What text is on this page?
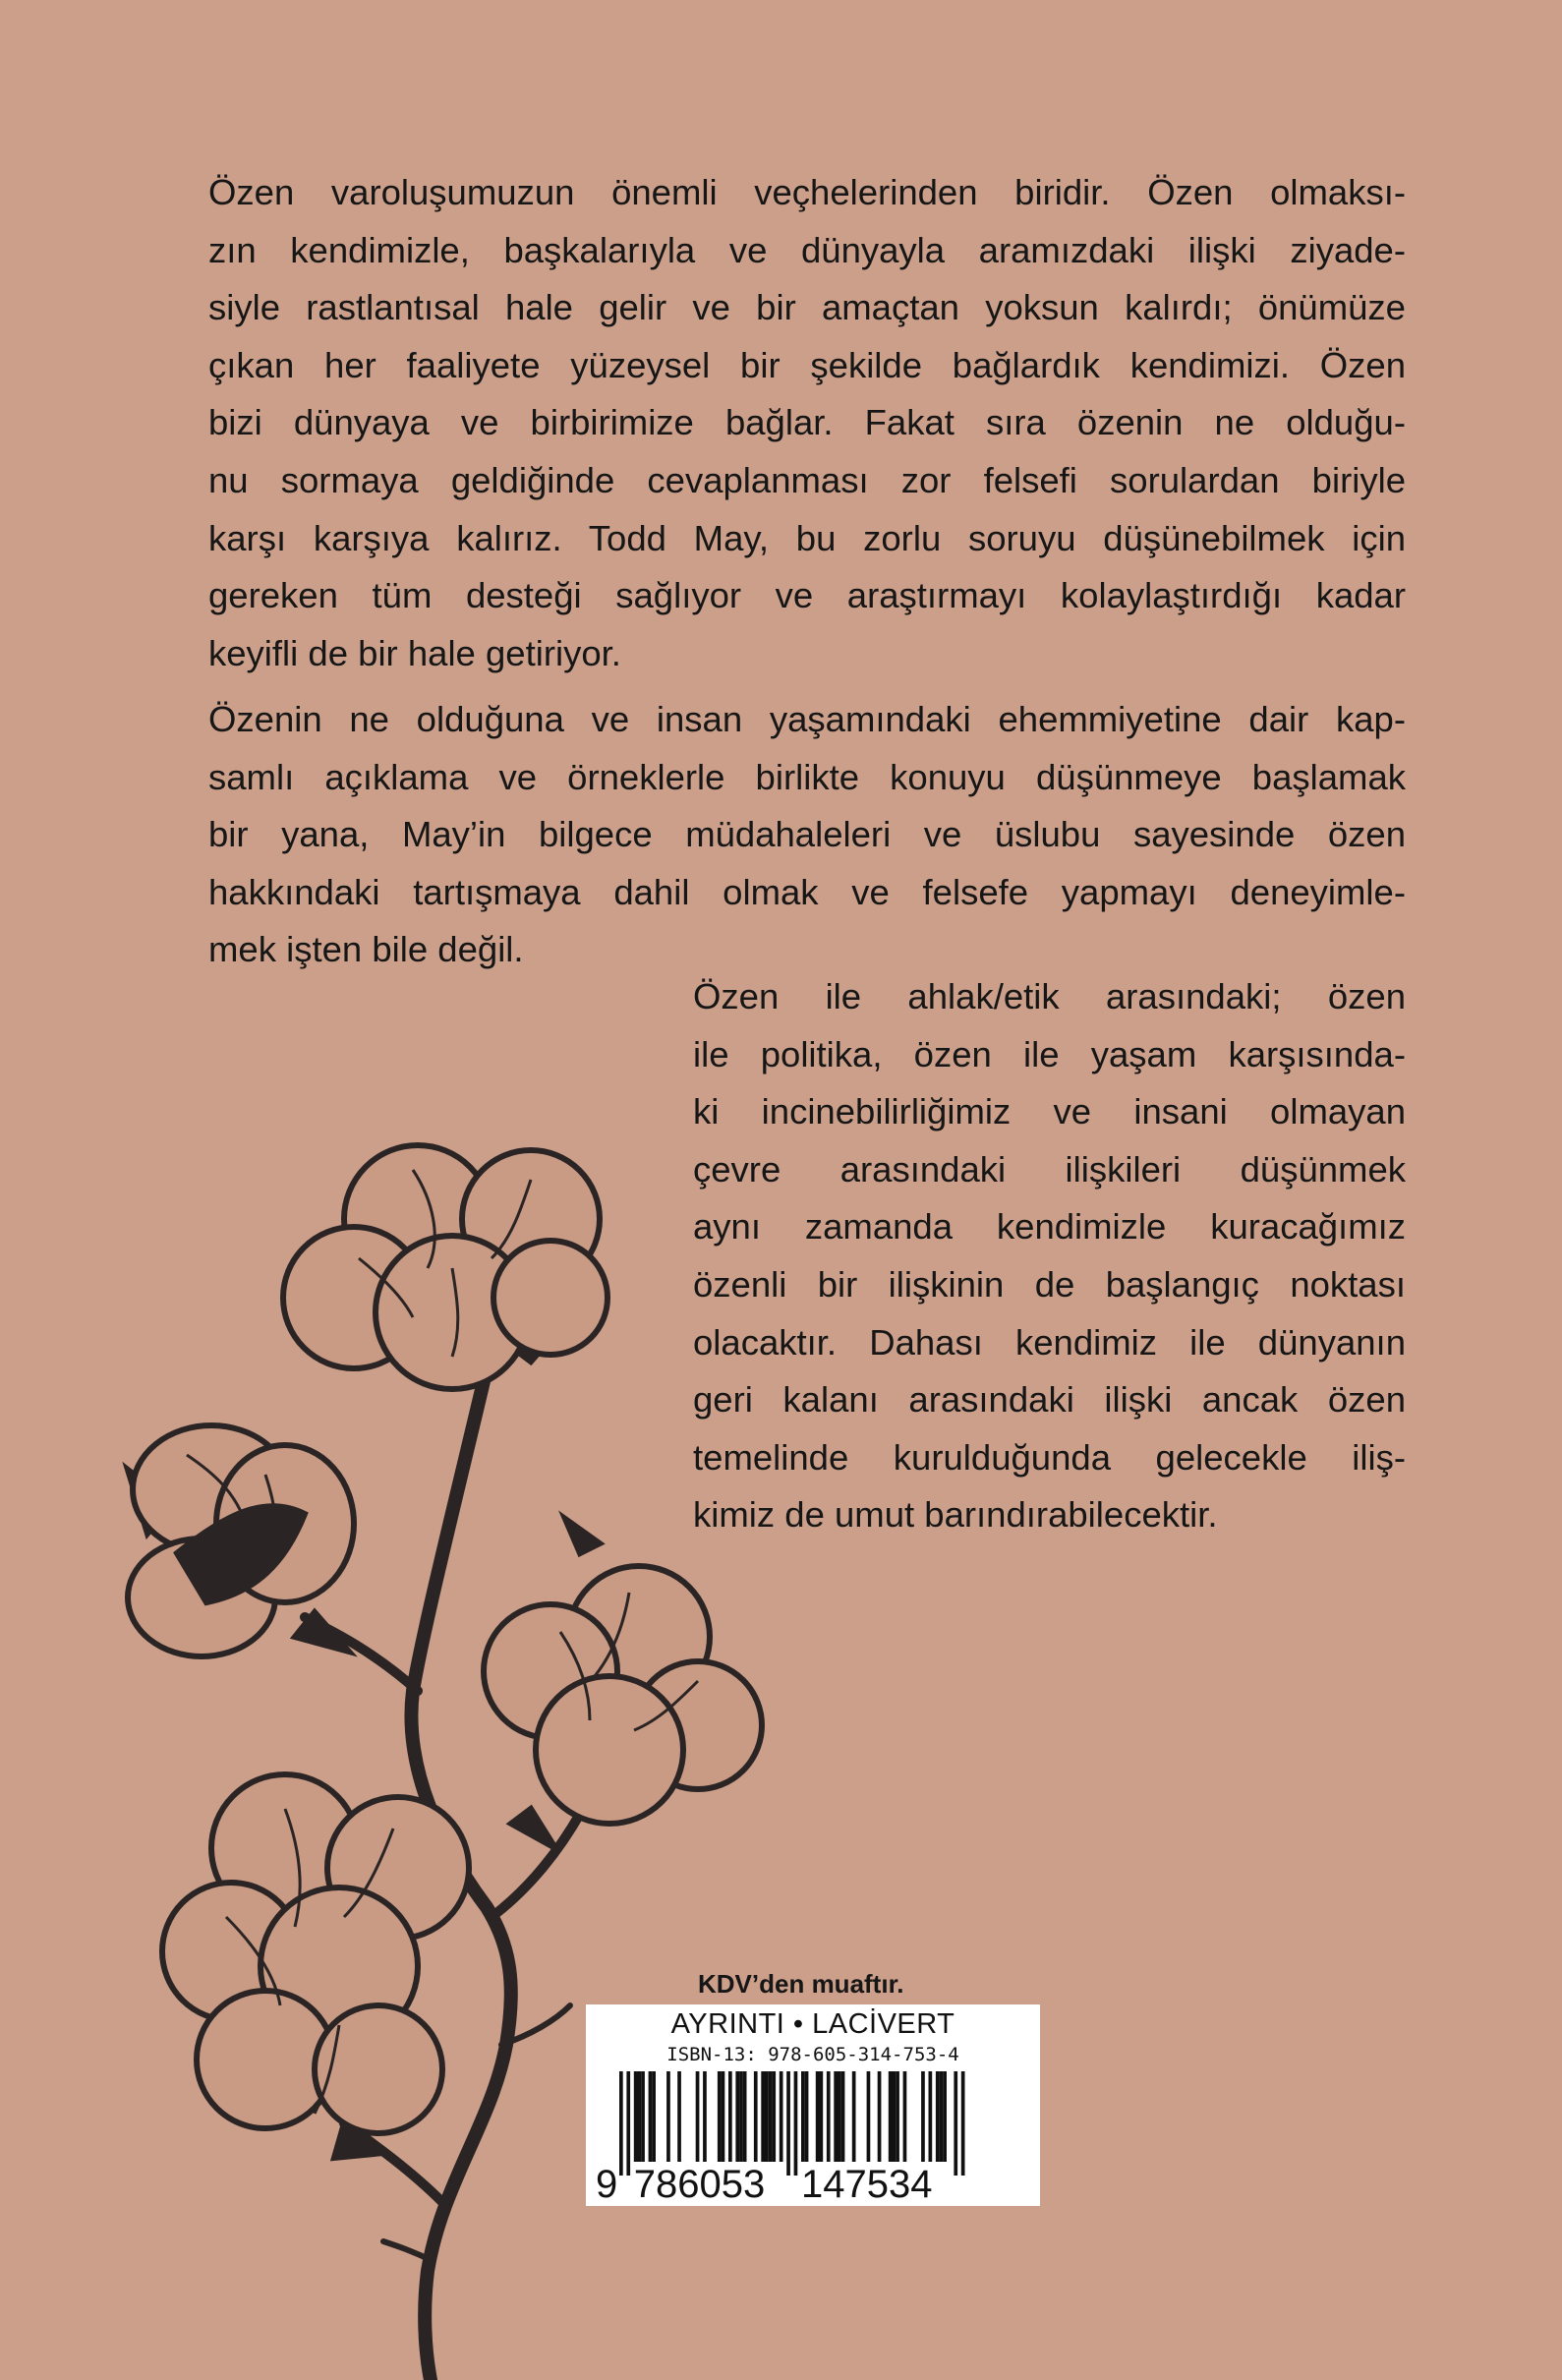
Özen varoluşumuzun önemli veçhelerinden biridir. Özen olmaksı-
zın kendimizle, başkalarıyla ve dünyayla aramızdaki ilişki ziyade-
siyle rastlantısal hale gelir ve bir amaçtan yoksun kalırdı; önümüze
çıkan her faaliyete yüzeysel bir şekilde bağlardık kendimizi. Özen
bizi dünyaya ve birbirimize bağlar. Fakat sıra özenin ne olduğu-
nu sormaya geldiğinde cevaplanması zor felsefi sorulardan biriyle
karşı karşıya kalırız. Todd May, bu zorlu soruyu düşünebilmek için
gereken tüm desteği sağlıyor ve araştırmayı kolaylaştırdığı kadar
keyifli de bir hale getiriyor.
Özenin ne olduğuna ve insan yaşamındaki ehemmiyetine dair kap-
samlı açıklama ve örneklerle birlikte konuyu düşünmeye başlamak
bir yana, May’in bilgece müdahaleleri ve üslubu sayesinde özen
hakkındaki tartışmaya dahil olmak ve felsefe yapmayı deneyimle-
mek işten bile değil.
Özen ile ahlak/etik arasındaki; özen
ile politika, özen ile yaşam karşısında-
ki incinebilirliğimiz ve insani olmayan
çevre arasındaki ilişkileri düşünmek
aynı zamanda kendimizle kuracağımız
özenli bir ilişkinin de başlangıç noktası
olacaktır. Dahası kendimiz ile dünyanın
geri kalanı arasındaki ilişki ancak özen
temelinde kurulduğunda gelecekle iliş-
kimiz de umut barındırabilecektir.
KDV’den muaftır.
AYRINTI • LACİVERT
ISBN-13: 978-605-314-753-4
9 786053 147534
